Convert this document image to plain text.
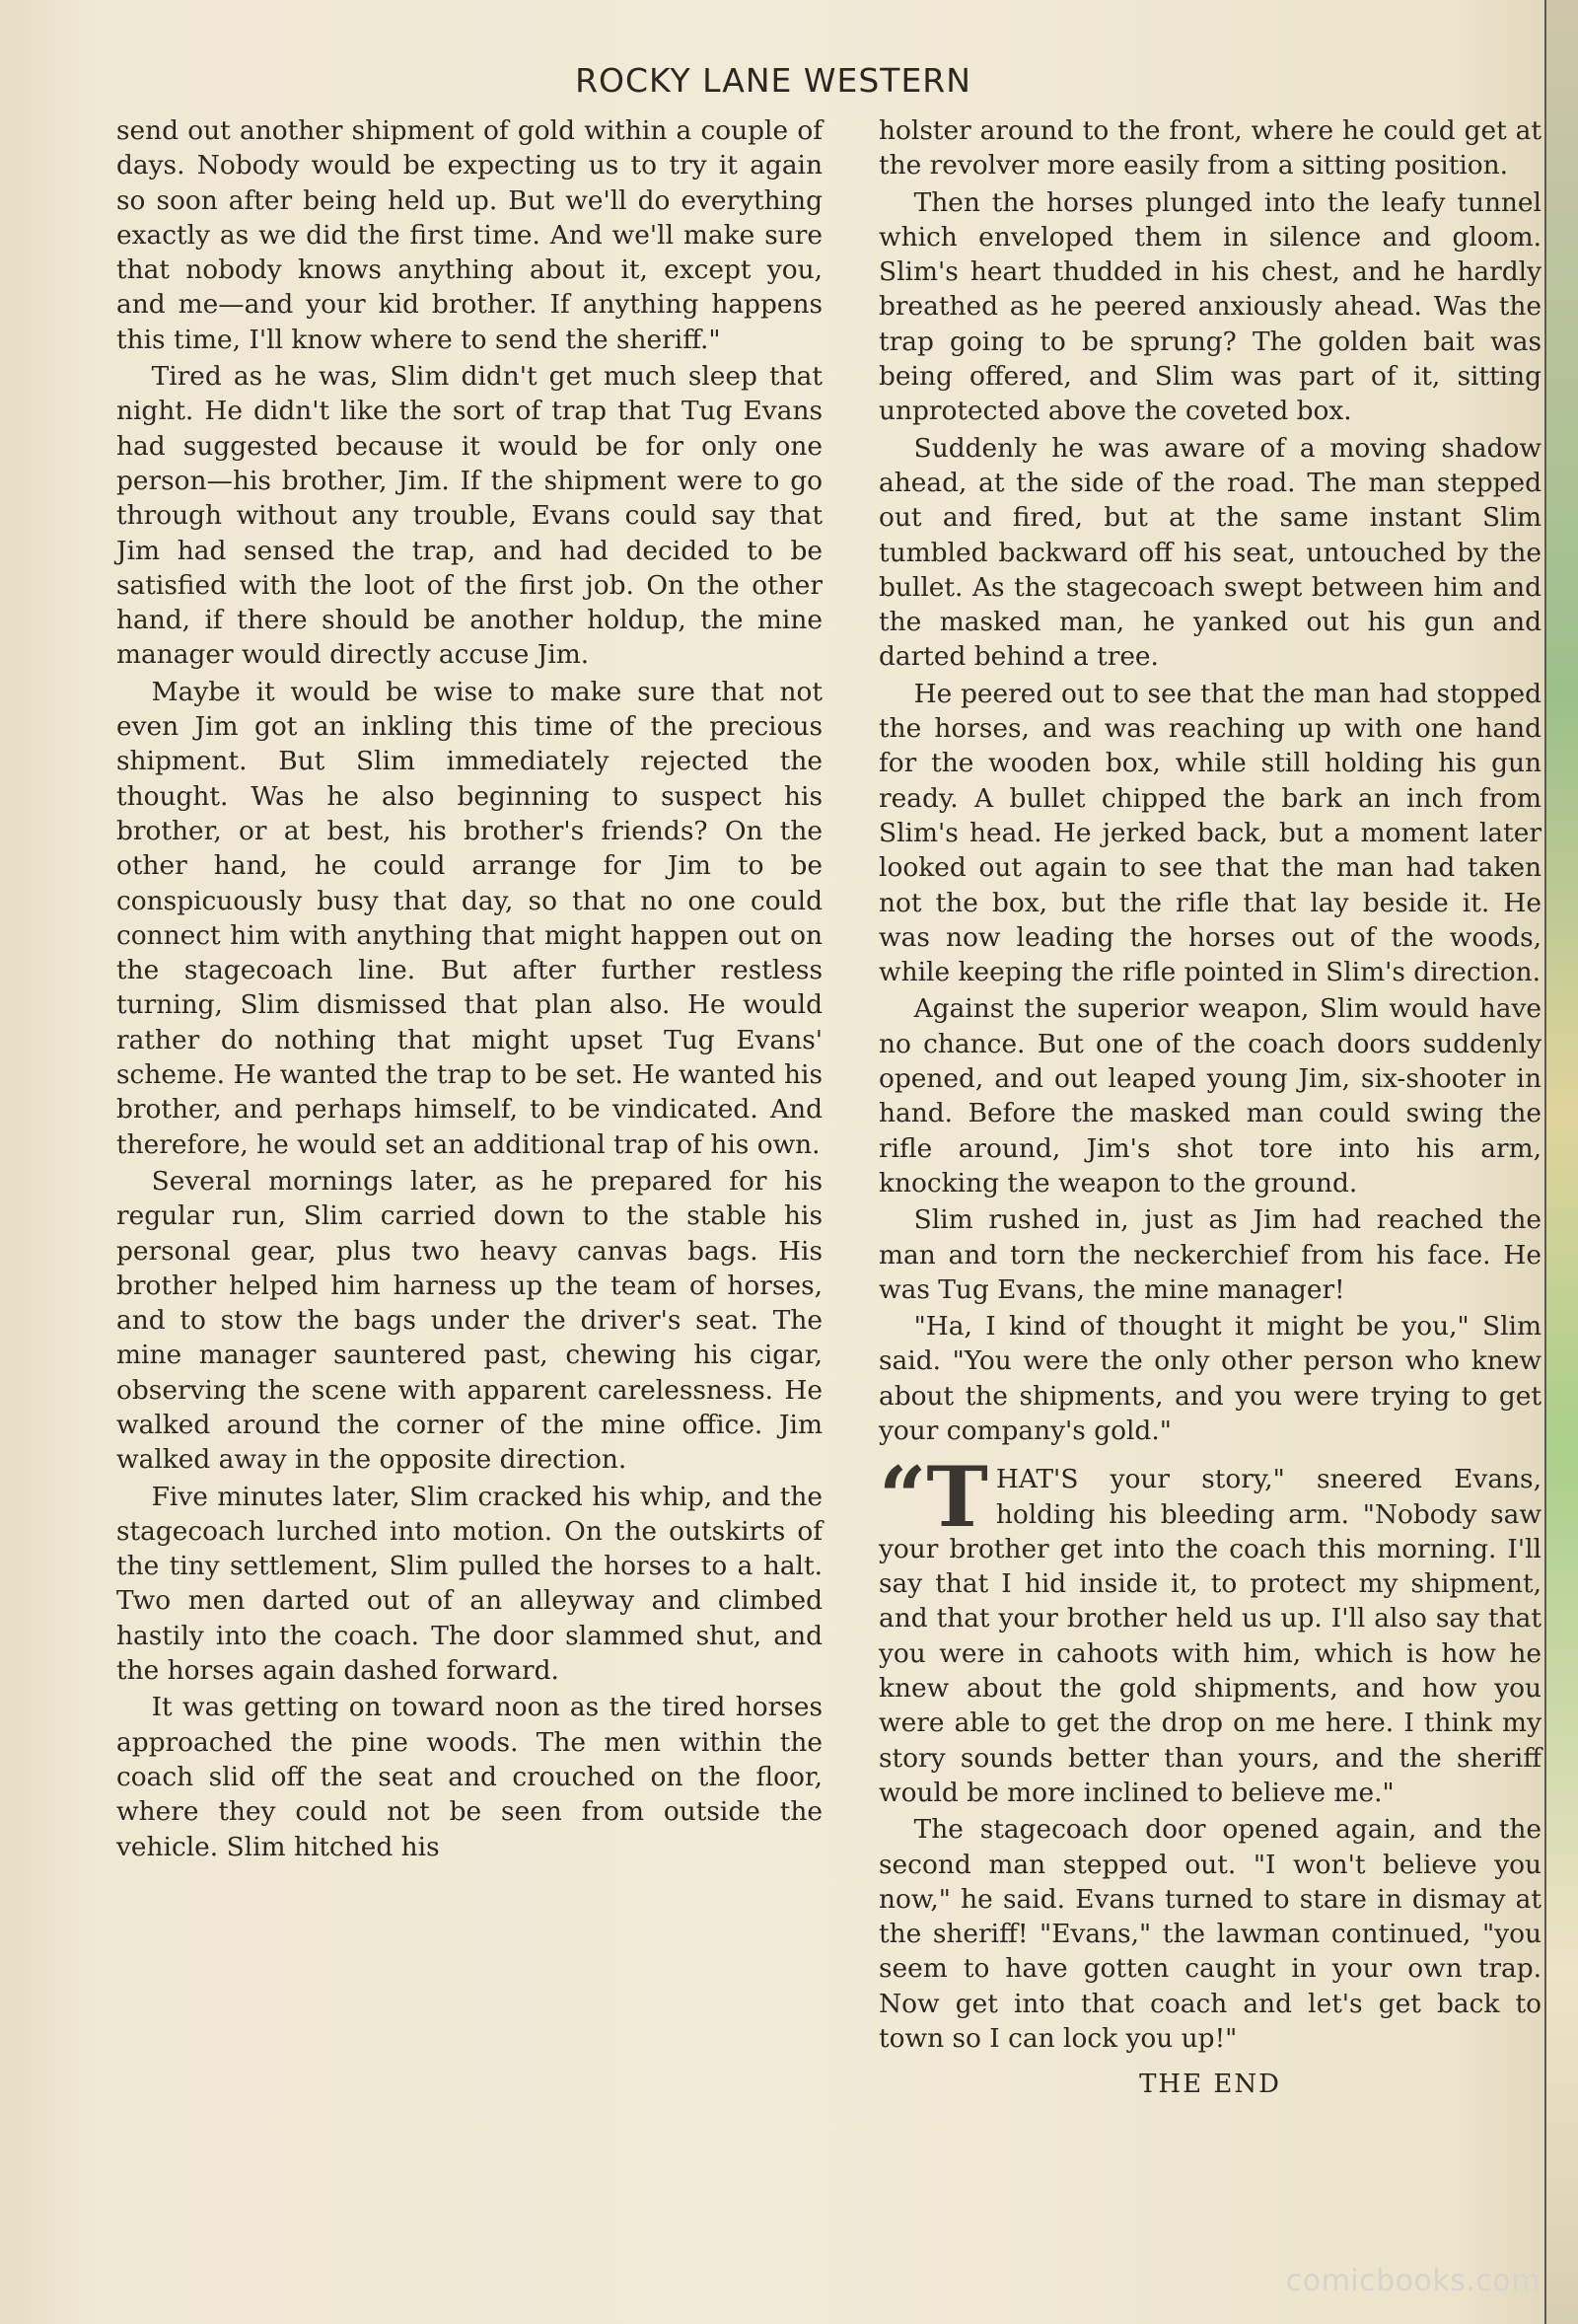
ROCKY LANE WESTERN

send out another shipment of gold within a couple of days. Nobody would be expecting us to try it again so soon after being held up. But we'll do everything exactly as we did the first time. And we'll make sure that nobody knows anything about it, except you, and me—and your kid brother. If anything happens this time, I'll know where to send the sheriff."

Tired as he was, Slim didn't get much sleep that night. He didn't like the sort of trap that Tug Evans had suggested because it would be for only one person—his brother, Jim. If the shipment were to go through without any trouble, Evans could say that Jim had sensed the trap, and had decided to be satisfied with the loot of the first job. On the other hand, if there should be another holdup, the mine manager would directly accuse Jim.

Maybe it would be wise to make sure that not even Jim got an inkling this time of the precious shipment. But Slim immediately rejected the thought. Was he also beginning to suspect his brother, or at best, his brother's friends? On the other hand, he could arrange for Jim to be conspicuously busy that day, so that no one could connect him with anything that might happen out on the stagecoach line. But after further restless turning, Slim dismissed that plan also. He would rather do nothing that might upset Tug Evans' scheme. He wanted the trap to be set. He wanted his brother, and perhaps himself, to be vindicated. And therefore, he would set an additional trap of his own.

Several mornings later, as he prepared for his regular run, Slim carried down to the stable his personal gear, plus two heavy canvas bags. His brother helped him harness up the team of horses, and to stow the bags under the driver's seat. The mine manager sauntered past, chewing his cigar, observing the scene with apparent carelessness. He walked around the corner of the mine office. Jim walked away in the opposite direction.

Five minutes later, Slim cracked his whip, and the stagecoach lurched into motion. On the outskirts of the tiny settlement, Slim pulled the horses to a halt. Two men darted out of an alleyway and climbed hastily into the coach. The door slammed shut, and the horses again dashed forward.

It was getting on toward noon as the tired horses approached the pine woods. The men within the coach slid off the seat and crouched on the floor, where they could not be seen from outside the vehicle. Slim hitched his

holster around to the front, where he could get at the revolver more easily from a sitting position.

Then the horses plunged into the leafy tunnel which enveloped them in silence and gloom. Slim's heart thudded in his chest, and he hardly breathed as he peered anxiously ahead. Was the trap going to be sprung? The golden bait was being offered, and Slim was part of it, sitting unprotected above the coveted box.

Suddenly he was aware of a moving shadow ahead, at the side of the road. The man stepped out and fired, but at the same instant Slim tumbled backward off his seat, untouched by the bullet. As the stagecoach swept between him and the masked man, he yanked out his gun and darted behind a tree.

He peered out to see that the man had stopped the horses, and was reaching up with one hand for the wooden box, while still holding his gun ready. A bullet chipped the bark an inch from Slim's head. He jerked back, but a moment later looked out again to see that the man had taken not the box, but the rifle that lay beside it. He was now leading the horses out of the woods, while keeping the rifle pointed in Slim's direction.

Against the superior weapon, Slim would have no chance. But one of the coach doors suddenly opened, and out leaped young Jim, six-shooter in hand. Before the masked man could swing the rifle around, Jim's shot tore into his arm, knocking the weapon to the ground.

Slim rushed in, just as Jim had reached the man and torn the neckerchief from his face. He was Tug Evans, the mine manager!

"Ha, I kind of thought it might be you," Slim said. "You were the only other person who knew about the shipments, and you were trying to get your company's gold."

“THAT'S your story," sneered Evans, holding his bleeding arm. "Nobody saw your brother get into the coach this morning. I'll say that I hid inside it, to protect my shipment, and that your brother held us up. I'll also say that you were in cahoots with him, which is how he knew about the gold shipments, and how you were able to get the drop on me here. I think my story sounds better than yours, and the sheriff would be more inclined to believe me."

The stagecoach door opened again, and the second man stepped out. "I won't believe you now," he said. Evans turned to stare in dismay at the sheriff! "Evans," the lawman continued, "you seem to have gotten caught in your own trap. Now get into that coach and let's get back to town so I can lock you up!"

THE END
comicbooks.com
